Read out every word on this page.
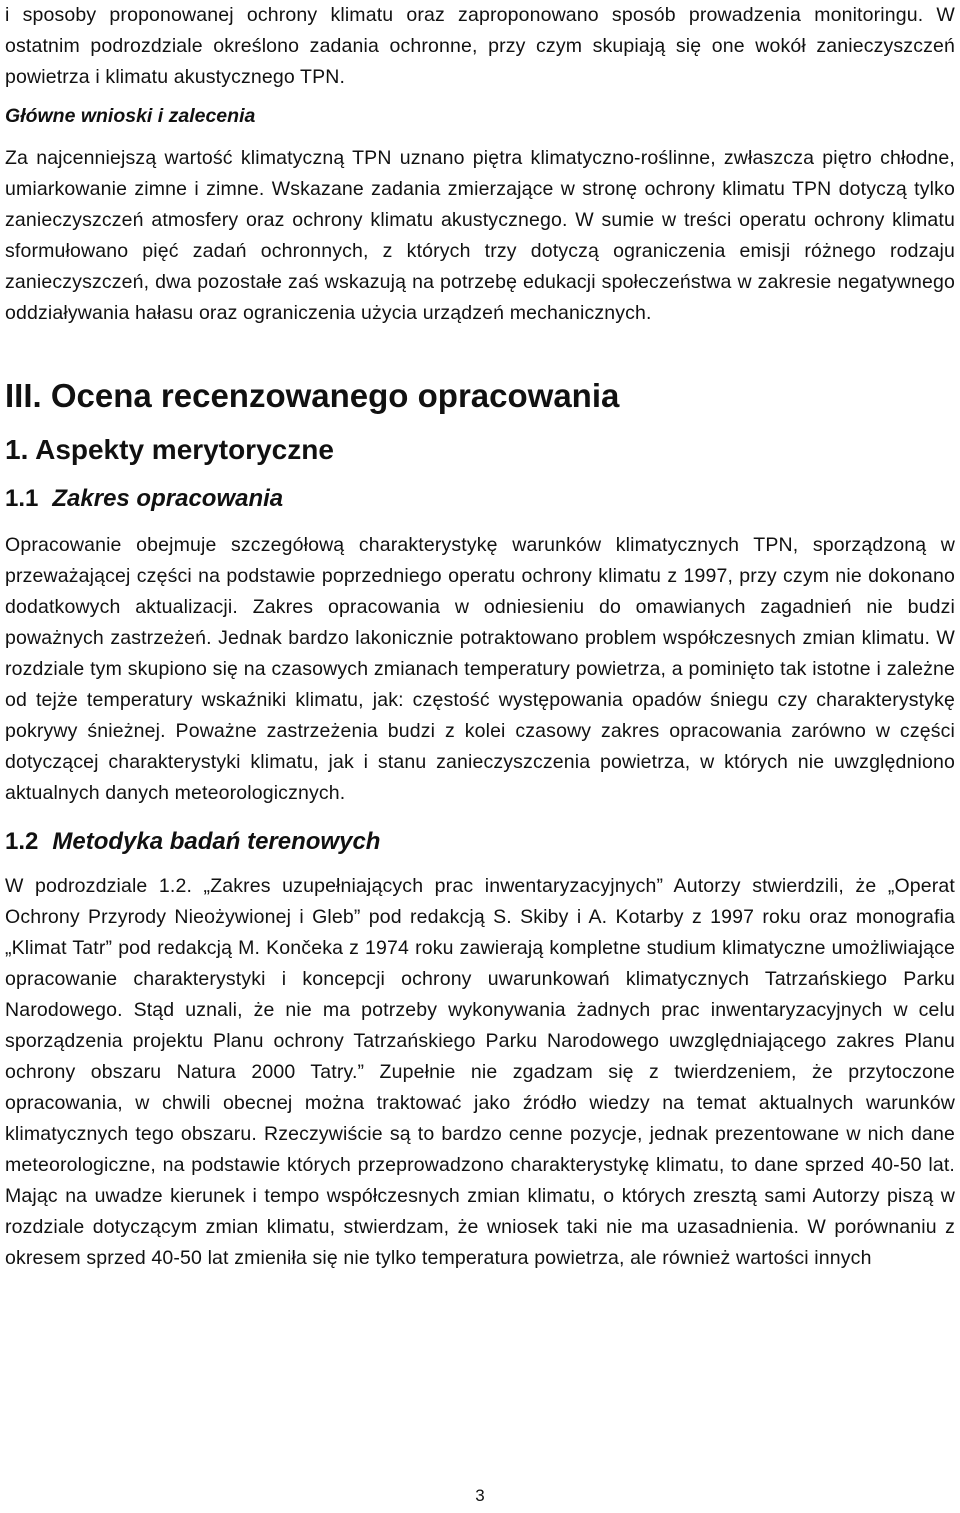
i sposoby proponowanej ochrony klimatu oraz zaproponowano sposób prowadzenia monitoringu. W ostatnim podrozdziale określono zadania ochronne, przy czym skupiają się one wokół zanieczyszczeń powietrza i klimatu akustycznego TPN.

Główne wnioski i zalecenia

Za najcenniejszą wartość klimatyczną TPN uznano piętra klimatyczno-roślinne, zwłaszcza piętro chłodne, umiarkowanie zimne i zimne. Wskazane zadania zmierzające w stronę ochrony klimatu TPN dotyczą tylko zanieczyszczeń atmosfery oraz ochrony klimatu akustycznego. W sumie w treści operatu ochrony klimatu sformułowano pięć zadań ochronnych, z których trzy dotyczą ograniczenia emisji różnego rodzaju zanieczyszczeń, dwa pozostałe zaś wskazują na potrzebę edukacji społeczeństwa w zakresie negatywnego oddziaływania hałasu oraz ograniczenia użycia urządzeń mechanicznych.

III. Ocena recenzowanego opracowania
1. Aspekty merytoryczne
1.1 Zakres opracowania

Opracowanie obejmuje szczegółową charakterystykę warunków klimatycznych TPN, sporządzoną w przeważającej części na podstawie poprzedniego operatu ochrony klimatu z 1997, przy czym nie dokonano dodatkowych aktualizacji. Zakres opracowania w odniesieniu do omawianych zagadnień nie budzi poważnych zastrzeżeń. Jednak bardzo lakonicznie potraktowano problem współczesnych zmian klimatu. W rozdziale tym skupiono się na czasowych zmianach temperatury powietrza, a pominięto tak istotne i zależne od tejże temperatury wskaźniki klimatu, jak: częstość występowania opadów śniegu czy charakterystykę pokrywy śnieżnej. Poważne zastrzeżenia budzi z kolei czasowy zakres opracowania zarówno w części dotyczącej charakterystyki klimatu, jak i stanu zanieczyszczenia powietrza, w których nie uwzględniono aktualnych danych meteorologicznych.

1.2 Metodyka badań terenowych

W podrozdziale 1.2. „Zakres uzupełniających prac inwentaryzacyjnych” Autorzy stwierdzili, że „Operat Ochrony Przyrody Nieożywionej i Gleb” pod redakcją S. Skiby i A. Kotarby z 1997 roku oraz monografia „Klimat Tatr” pod redakcją M. Končeka z 1974 roku zawierają kompletne studium klimatyczne umożliwiające opracowanie charakterystyki i koncepcji ochrony uwarunkowań klimatycznych Tatrzańskiego Parku Narodowego. Stąd uznali, że nie ma potrzeby wykonywania żadnych prac inwentaryzacyjnych w celu sporządzenia projektu Planu ochrony Tatrzańskiego Parku Narodowego uwzględniającego zakres Planu ochrony obszaru Natura 2000 Tatry.” Zupełnie nie zgadzam się z twierdzeniem, że przytoczone opracowania, w chwili obecnej można traktować jako źródło wiedzy na temat aktualnych warunków klimatycznych tego obszaru. Rzeczywiście są to bardzo cenne pozycje, jednak prezentowane w nich dane meteorologiczne, na podstawie których przeprowadzono charakterystykę klimatu, to dane sprzed 40-50 lat. Mając na uwadze kierunek i tempo współczesnych zmian klimatu, o których zresztą sami Autorzy piszą w rozdziale dotyczącym zmian klimatu, stwierdzam, że wniosek taki nie ma uzasadnienia. W porównaniu z okresem sprzed 40-50 lat zmieniła się nie tylko temperatura powietrza, ale również wartości innych

3
